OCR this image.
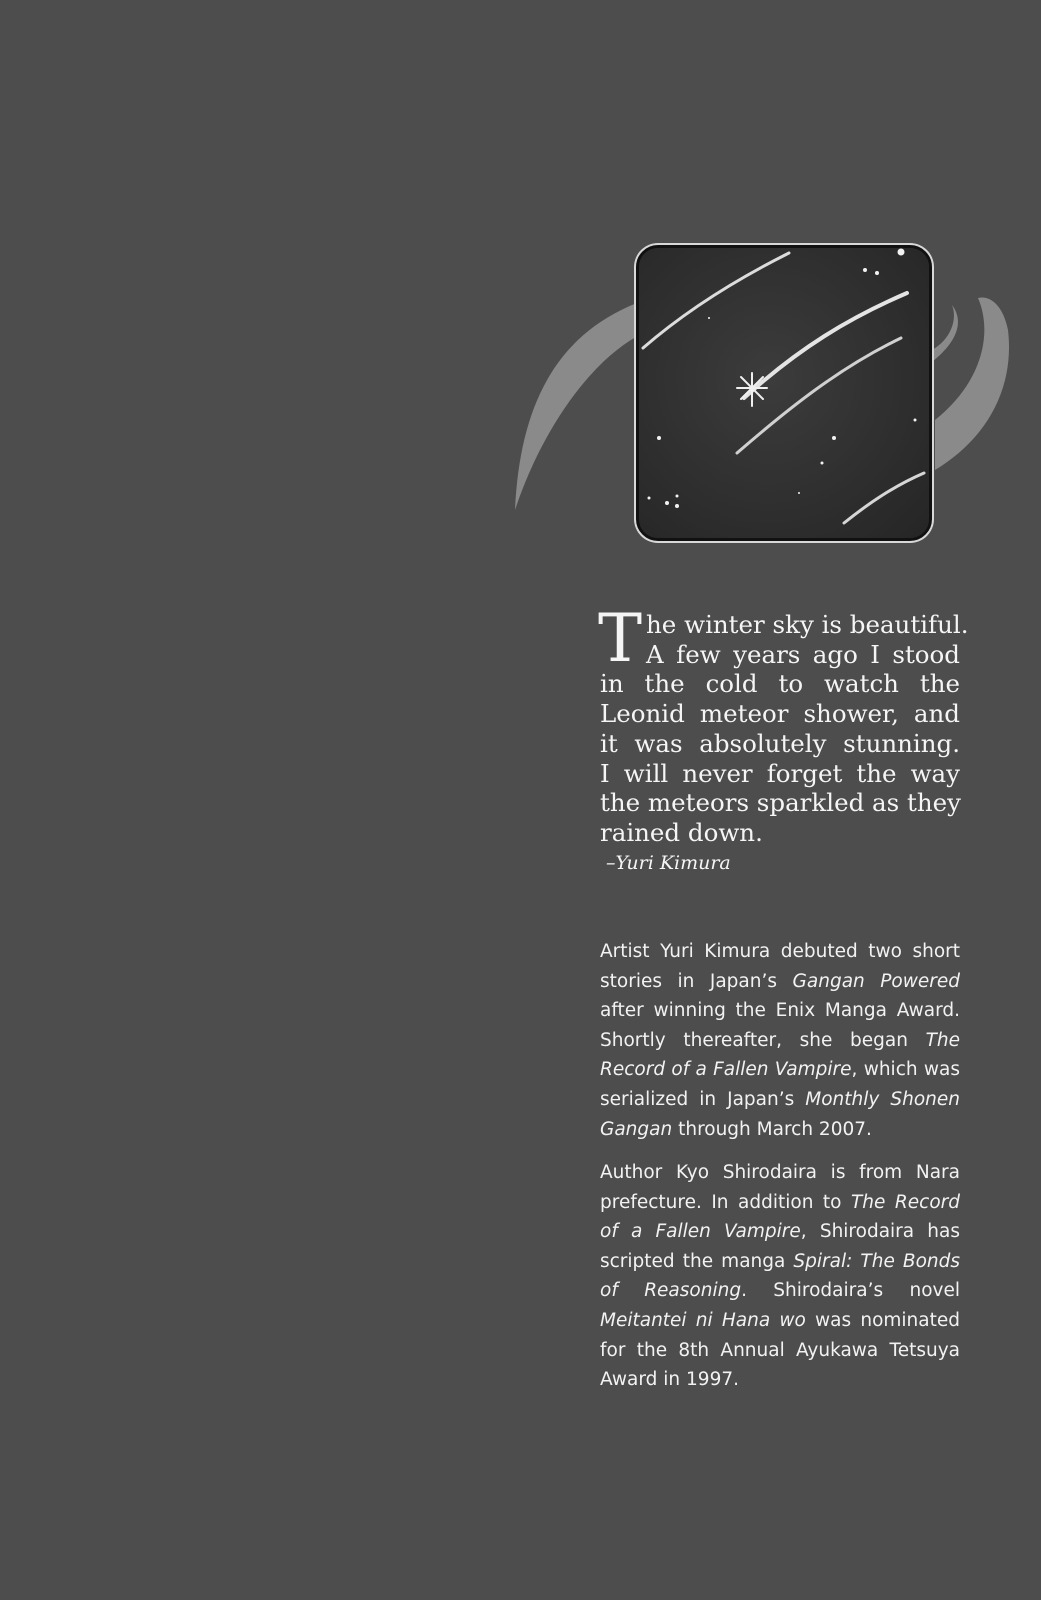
T he winter sky is beautiful.
A few years ago I stood
in the cold to watch the
Leonid meteor shower, and
it was absolutely stunning.
I will never forget the way
the meteors sparkled as they
rained down.
–Yuri Kimura
Artist Yuri Kimura debuted two short
stories in Japan’s Gangan Powered
after winning the Enix Manga Award.
Shortly thereafter, she began The
Record of a Fallen Vampire, which was
serialized in Japan’s Monthly Shonen
Gangan through March 2007.
Author Kyo Shirodaira is from Nara
prefecture. In addition to The Record
of a Fallen Vampire, Shirodaira has
scripted the manga Spiral: The Bonds
of Reasoning. Shirodaira’s novel
Meitantei ni Hana wo was nominated
for the 8th Annual Ayukawa Tetsuya
Award in 1997.
